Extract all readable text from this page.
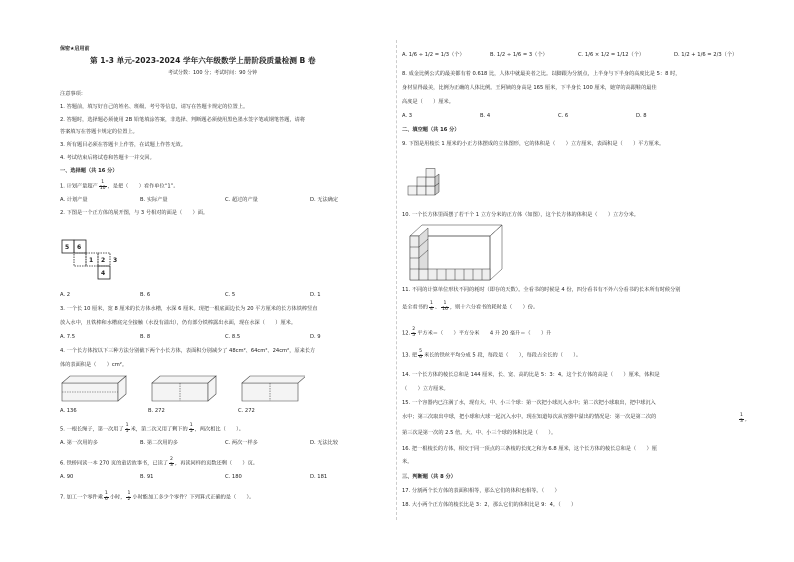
保密★启用前
第 1-3 单元-2023-2024 学年六年级数学上册阶段质量检测 B 卷
考试分数：100 分；考试时间：90 分钟
注意事项：
1. 答题前，填写好自己的姓名、班级、考号等信息，请写在答题卡规定的位置上。
2. 答题时，选择题必须使用 2B 铅笔填涂答案，非选择、判断题必须使用黑色墨水签字笔或钢笔答题，请将
答案填写在答题卡规定的位置上。
3. 所有题目必须在答题卡上作答，在试题上作答无效。
4. 考试结束后将试卷和答题卡一并交回。
一、选择题（共 16 分）
1. 计划产量超产 $\frac{1}{10}$ ，是把（　　）看作单位“1”。
A. 计划产量	B. 实际产量	C. 超过的产量	D. 无法确定
2. 下图是一个正方体的展开图，与 3 号相对的面是（　　）面。
5 6
1 2 3
4
A. 2	B. 6	C. 5	D. 1
3. 一个长 10 厘米，宽 8 厘米的长方体水槽，水深 6 厘米。现把一根底面边长为 20 平方厘米的长方体铁棒竖直
放入水中，且铁棒和水槽底完全接触（水没有溢出），仍有部分铁棒露出水面，现在水深（　　）厘米。
A. 7.5	B. 8	C. 8.5	D. 9
4. 一个长方体按以下三种方法分别截下两个小长方体，表面积分别减少了 48cm²、64cm²、24cm²，原来长方
体的表面积是（　　）cm²。
A. 136	B. 272	C. 272
5. 一根长绳子，第一次用了 $\frac{1}{5}$ 米，第二次又用了剩下的 $\frac{1}{5}$ ，两次相比（　　）。
A. 第一次用的多	B. 第二次用的多	C. 两次一样多	D. 无法比较
6. 铁桥同读一本 270 页的童话故事书，已读了 $\frac{2}{3}$ ，再读同样的页数还剩（　　）页。
A. 90	B. 91	C. 180	D. 181
7. 加工一个零件乘 $\frac{1}{6}$ 小时， $\frac{1}{2}$ 小时能加工多少个零件？下列算式正确的是（　　）。
A. 1/6 ÷ 1/2 = 1/3（个）	B. 1/2 ÷ 1/6 = 3（个）	C. 1/6 × 1/2 = 1/12（个）	D. 1/2 + 1/6 = 2/3（个）
8. 成金比例公式的最美都有着 0.618 比，人体中就最美者之比。以脚跟为分割点，上半身与下半身的高度比是 5：8 时，
身材显得最美，比例为正确的人体比例。王阿姨的身高是 165 厘米，下半身长 100 厘米，她穿的高跟鞋的最佳
高度是（　　）厘米。
A. 3	B. 4	C. 6	D. 8
二、填空题（共 16 分）
9. 下图是用棱长 1 厘米的小正方体摆成的立体图形，它的体积是（　　）立方厘米，表面积是（　　）平方厘米。
10. 一个长方体里面摆了若干个 1 立方分米的正方体（如图），这个长方体的体积是（　　）立方分米。
11. 不同的计算单位形状不同的耗时（即存的天数）。全看书的时候是 4 份，四分看书有不外六分看书的长本所有时候分别
是全看书的 $\frac{1}{4}$ 、 $\frac{1}{16}$ ，则十六分看书的耗时是（　　）份。
12. $\frac{2}{5}$ 平方米＝（　　）平方分米　　4 升 20 毫升＝（　　）升
13. 把 $\frac{5}{6}$ 米长的铁丝平均分成 5 段，每段是（　　），每段占全长的（　　）。
14. 一个长方体的棱长总和是 144 厘米，长、宽、高的比是 5：3：4。这个长方体的高是（　　）厘米，体积是
（　　）立方厘米。
15. 一个容器内已注满了水，现有大、中、小三个球：第一次把小球沉入水中；第二次把小球取出，把中球沉入
水中；第三次取出中球，把小球和大球一起沉入水中。现在知道每次从容器中溢出的情况是：第一次是第二次的	$\frac{1}{3}$ ，
第三次是第一次的 2.5 倍。大、中、小三个球的体积比是（　　）。
16. 把一根棱长的方体，相交于同一顶点的三条棱的长度之和为 6.8 厘米，这个长方体的棱长总和是（　　）厘
米。
三、判断题（共 8 分）
17. 分割两个长方体的表面积相等，那么它们的体积也相等。（　　）
18. 大小两个正方体的棱长比是 3：2，那么它们的体积比是 9：4。（　　）
